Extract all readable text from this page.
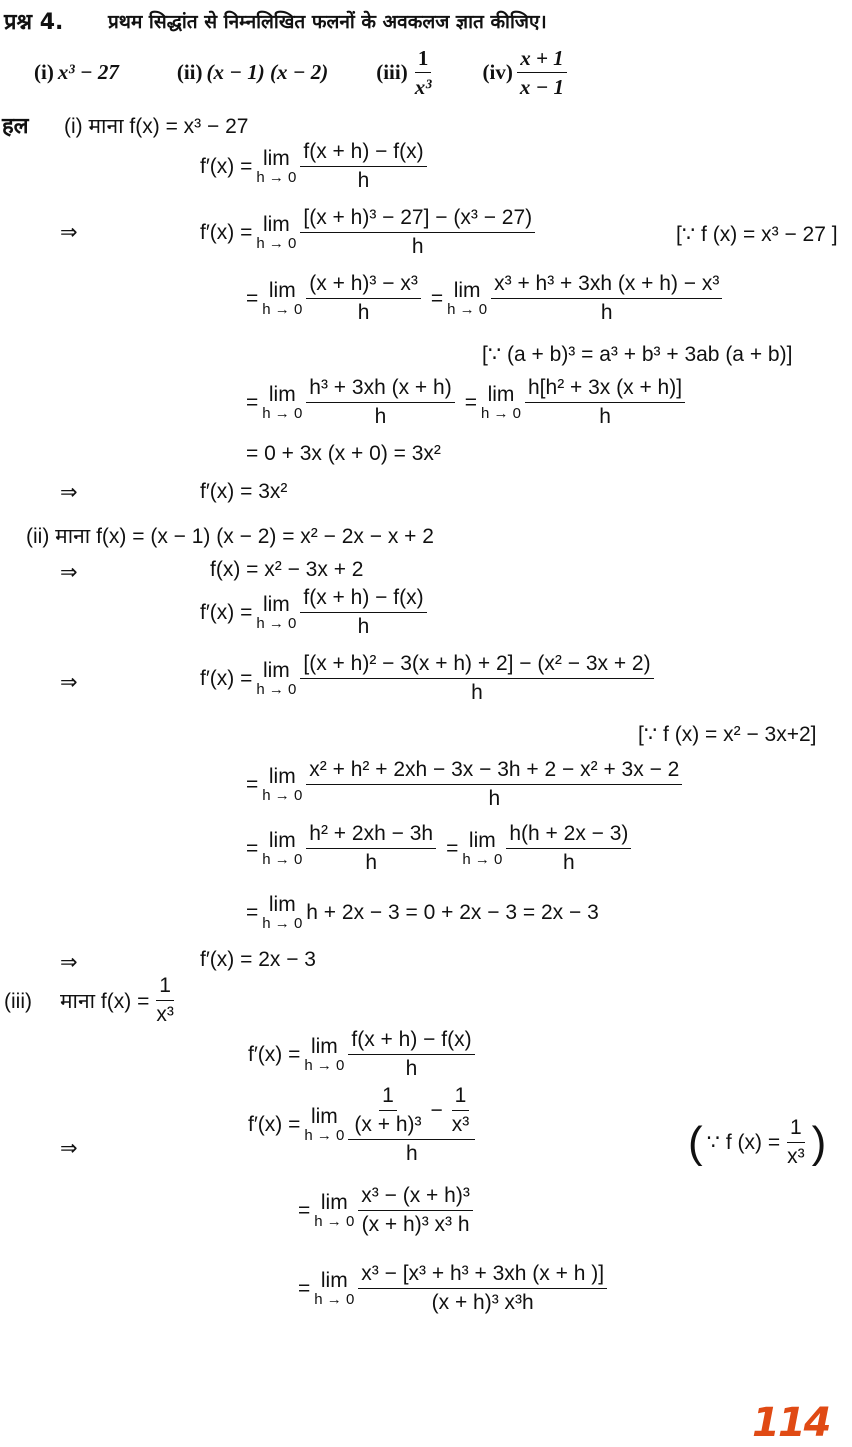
प्रश्न 4. प्रथम सिद्धांत से निम्नलिखित फलनों के अवकलज ज्ञात कीजिए।
(i) x³ − 27	(ii) (x − 1) (x − 2) $(iii) \frac{1}{\text{x³}} (iv) \frac{x + 1}{x - 1}$
हल (i) माना f(x) = x³ − 27
f′(x) = lim
$h \to 0 \frac{f(x + h) - f(x)}{h}$
⇒	f′(x) = lim
$h \to 0 \frac{\text{[(x + h)³ − 27] − (x³ − 27)}}{h}$	[∵ f (x) = x³ − 27 ]
= lim
$h \to 0 \frac{\text{(x + h)³ − x³}}{h} = \lim$
$h \to 0 \frac{\text{x³ + h³ + 3xh (x + h) − x³}}{h}$
[∵ (a + b)³ = a³ + b³ + 3ab (a + b)]
= lim
$h \to 0 \frac{\text{h³ + 3xh (x + h)}}{h} = \lim$
$h \to 0 \frac{\text{h[h² + 3x (x + h)]}}{h}$
= 0 + 3x (x + 0) = 3x²
⇒	f′(x) = 3x²
(ii) माना f(x) = (x − 1) (x − 2) = x² − 2x − x + 2
⇒	f(x) = x² − 3x + 2
f′(x) = lim
$h \to 0 \frac{f(x + h) - f(x)}{h}$
⇒	f′(x) = lim
$h \to 0 \frac{\text{[(x + h)² − 3(x + h) + 2] − (x² − 3x + 2)}}{h}$
[∵ f (x) = x² − 3x+2]
= lim
$h \to 0 \frac{\text{x² + h² + 2xh − 3x − 3h + 2 − x² + 3x − 2}}{h}$
= lim
$h \to 0 \frac{\text{h² + 2xh − 3h}}{h} = \lim$
$h \to 0 \frac{h(h + 2x - 3)}{h}$
= lim
h → 0 h + 2x − 3 = 0 + 2x − 3 = 2x − 3
⇒	f′(x) = 2x − 3
(iii) माना $f(x) = \frac{1}{\text{x³}}$
f′(x) = lim
$h \to 0 \frac{f(x + h) - f(x)}{h}$
⇒
f′(x) = lim
$h \to 0 \frac{\frac{1}{\text{(x + h)³}} - \frac{1}{\text{x³}}}{h}$	( ∵ f $(x) = \frac{1}{\text{x³}}$ )
= lim
$h \to 0 \frac{\text{x³ − (x + h)³}}{\text{(x + h)³ x³ h}}$
= lim
$h \to 0 \frac{\text{x³ − [x³ + h³ + 3xh (x + h )]}}{\text{(x + h)³ x³h}}$
114
